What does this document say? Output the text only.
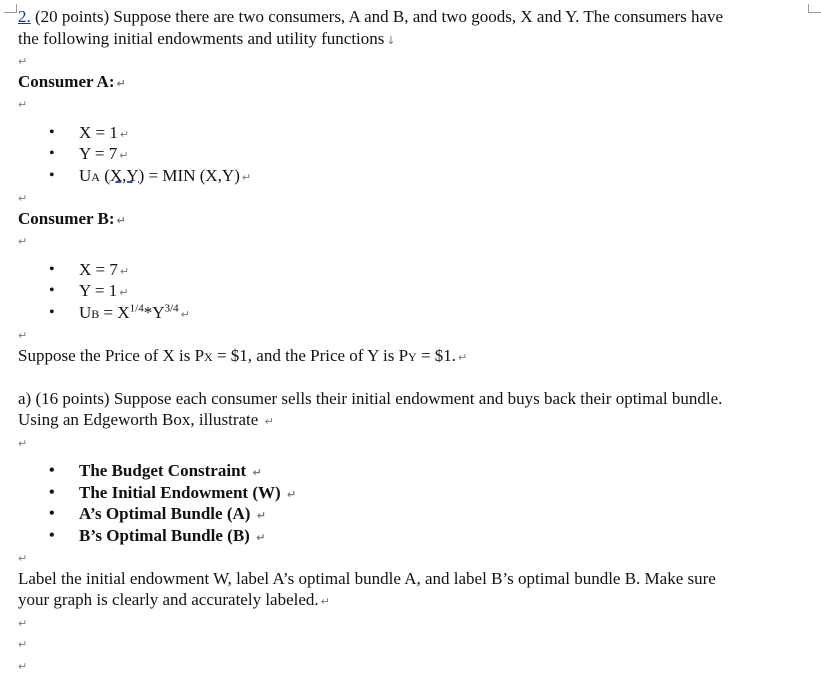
2. (20 points) Suppose there are two consumers, A and B, and two goods, X and Y. The consumers have
the following initial endowments and utility functions ↓
↵
Consumer A: ↵
↵
• X = 1 ↵
• Y = 7 ↵
• UA (X,Y) = MIN (X,Y) ↵
↵
Consumer B: ↵
↵
• X = 7 ↵
• Y = 1 ↵
• UB = $X^{1/4}*Y^{3/4}$ ↵
↵
Suppose the Price of X is PX = $1, and the Price of Y is PY = $1. ↵
a) (16 points) Suppose each consumer sells their initial endowment and buys back their optimal bundle.
Using an Edgeworth Box, illustrate ↵
↵
• The Budget Constraint ↵
• The Initial Endowment (W) ↵
• A’s Optimal Bundle (A) ↵
• B’s Optimal Bundle (B) ↵
↵
Label the initial endowment W, label A’s optimal bundle A, and label B’s optimal bundle B. Make sure
your graph is clearly and accurately labeled. ↵
↵
↵
↵
